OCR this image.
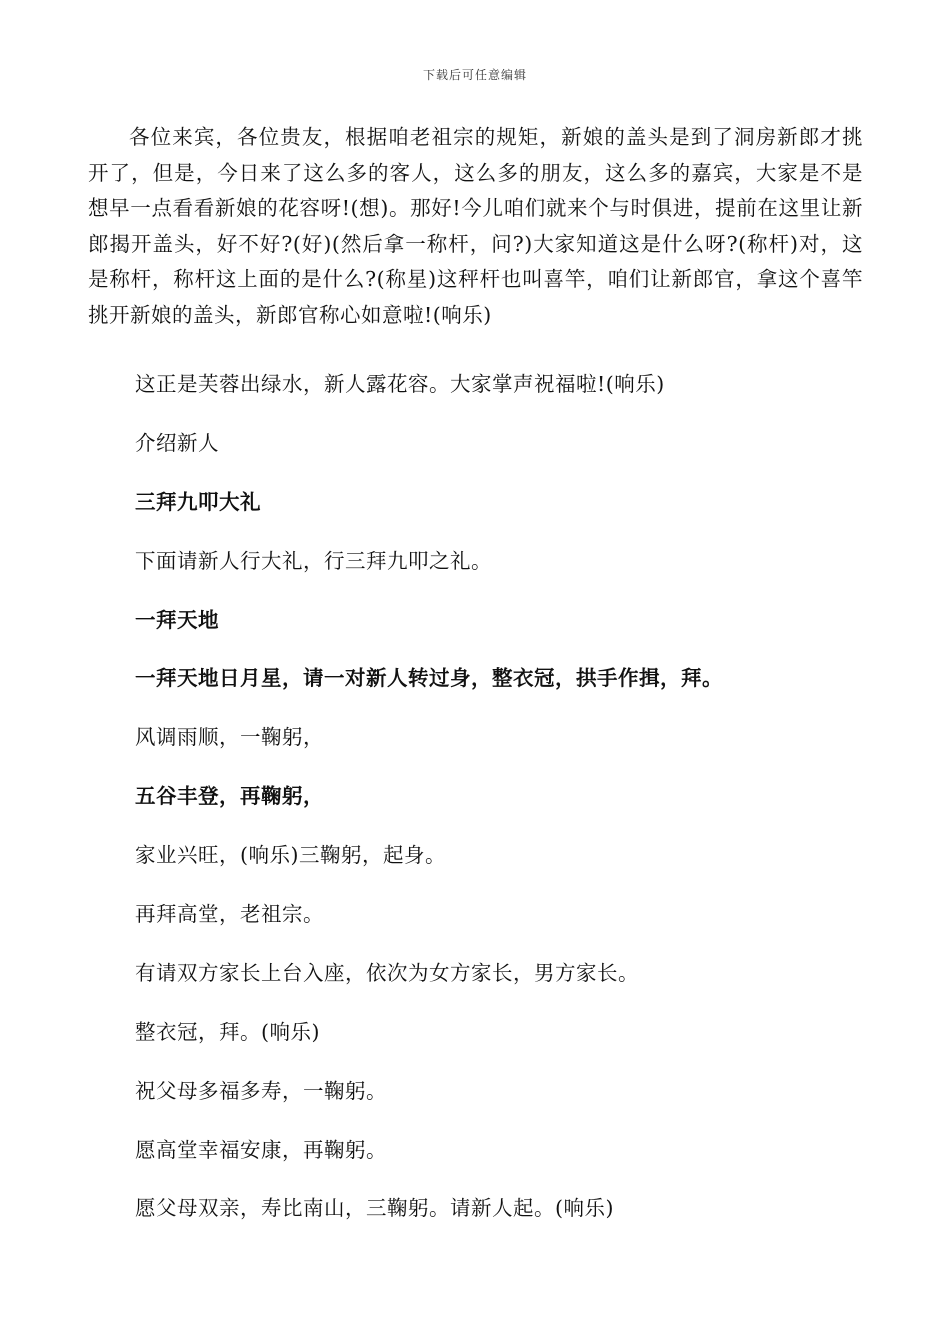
下载后可任意编辑

各位来宾，各位贵友，根据咱老祖宗的规矩，新娘的盖头是到了洞房新郎才挑开了，但是，今日来了这么多的客人，这么多的朋友，这么多的嘉宾，大家是不是想早一点看看新娘的花容呀!(想)。那好!今儿咱们就来个与时俱进，提前在这里让新郎揭开盖头，好不好?(好)(然后拿一称杆，问?)大家知道这是什么呀?(称杆)对，这是称杆，称杆这上面的是什么?(称星)这秤杆也叫喜竿，咱们让新郎官，拿这个喜竿挑开新娘的盖头，新郎官称心如意啦!(响乐)

这正是芙蓉出绿水，新人露花容。大家掌声祝福啦!(响乐)
介绍新人
三拜九叩大礼
下面请新人行大礼，行三拜九叩之礼。
一拜天地
一拜天地日月星，请一对新人转过身，整衣冠，拱手作揖，拜。
风调雨顺，一鞠躬，
五谷丰登，再鞠躬，
家业兴旺，(响乐)三鞠躬，起身。
再拜高堂，老祖宗。
有请双方家长上台入座，依次为女方家长，男方家长。
整衣冠，拜。(响乐)
祝父母多福多寿，一鞠躬。
愿高堂幸福安康，再鞠躬。
愿父母双亲，寿比南山，三鞠躬。请新人起。(响乐)
